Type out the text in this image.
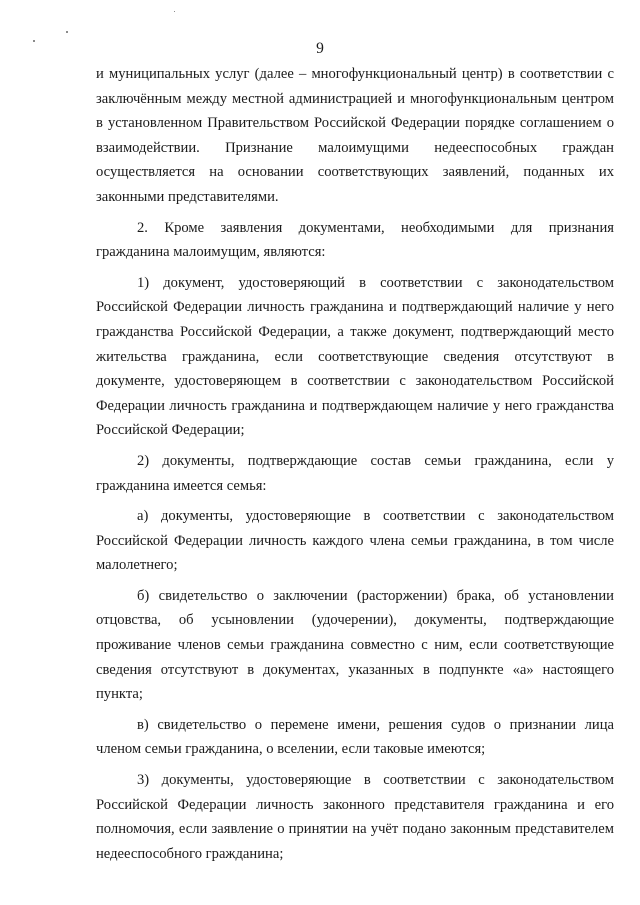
9

и муниципальных услуг (далее – многофункциональный центр) в соответствии с заключённым между местной администрацией и многофункциональным центром в установленном Правительством Российской Федерации порядке соглашением о взаимодействии. Признание малоимущими недееспособных граждан осуществляется на основании соответствующих заявлений, поданных их законными представителями.

2. Кроме заявления документами, необходимыми для признания гражданина малоимущим, являются:

1) документ, удостоверяющий в соответствии с законодательством Российской Федерации личность гражданина и подтверждающий наличие у него гражданства Российской Федерации, а также документ, подтверждающий место жительства гражданина, если соответствующие сведения отсутствуют в документе, удостоверяющем в соответствии с законодательством Российской Федерации личность гражданина и подтверждающем наличие у него гражданства Российской Федерации;

2) документы, подтверждающие состав семьи гражданина, если у гражданина имеется семья:

а) документы, удостоверяющие в соответствии с законодательством Российской Федерации личность каждого члена семьи гражданина, в том числе малолетнего;

б) свидетельство о заключении (расторжении) брака, об установлении отцовства, об усыновлении (удочерении), документы, подтверждающие проживание членов семьи гражданина совместно с ним, если соответствующие сведения отсутствуют в документах, указанных в подпункте «а» настоящего пункта;

в) свидетельство о перемене имени, решения судов о признании лица членом семьи гражданина, о вселении, если таковые имеются;

3) документы, удостоверяющие в соответствии с законодательством Российской Федерации личность законного представителя гражданина и его полномочия, если заявление о принятии на учёт подано законным представителем недееспособного гражданина;
